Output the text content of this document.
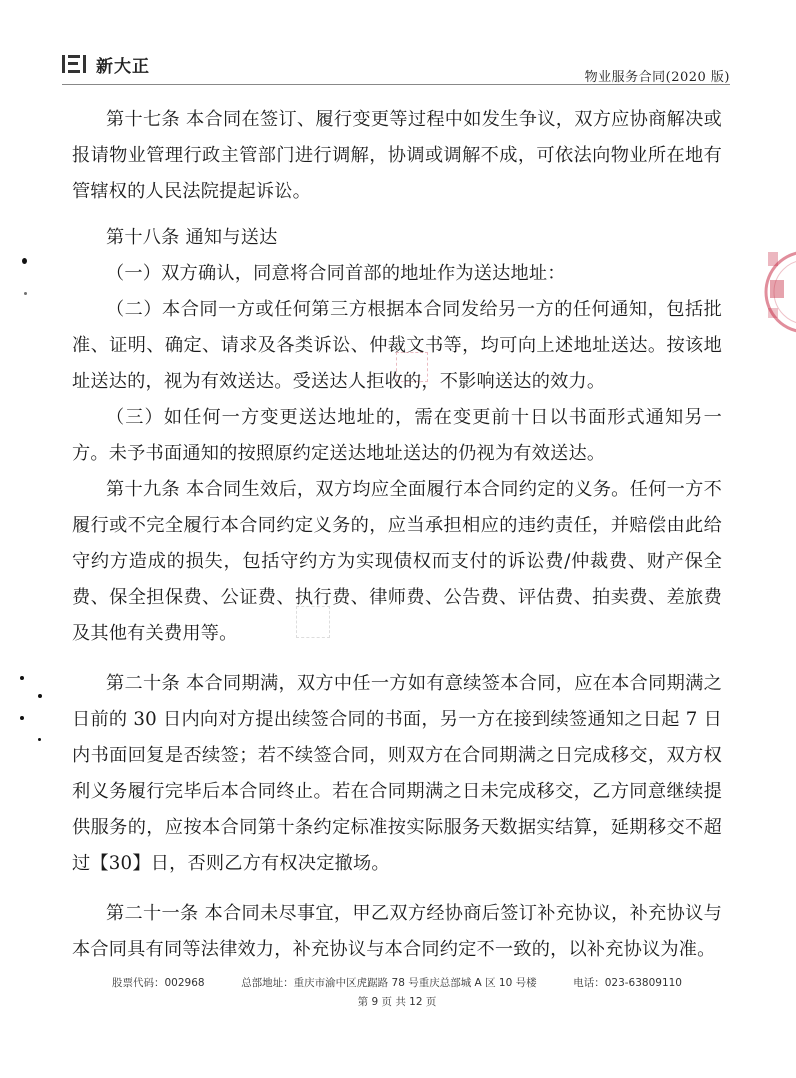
新大正
物业服务合同(2020 版)

第十七条 本合同在签订、履行变更等过程中如发生争议，双方应协商解决或报请物业管理行政主管部门进行调解，协调或调解不成，可依法向物业所在地有管辖权的人民法院提起诉讼。

第十八条 通知与送达

（一）双方确认，同意将合同首部的地址作为送达地址：

（二）本合同一方或任何第三方根据本合同发给另一方的任何通知，包括批准、证明、确定、请求及各类诉讼、仲裁文书等，均可向上述地址送达。按该地址送达的，视为有效送达。受送达人拒收的，不影响送达的效力。

（三）如任何一方变更送达地址的，需在变更前十日以书面形式通知另一方。未予书面通知的按照原约定送达地址送达的仍视为有效送达。

第十九条 本合同生效后，双方均应全面履行本合同约定的义务。任何一方不履行或不完全履行本合同约定义务的，应当承担相应的违约责任，并赔偿由此给守约方造成的损失，包括守约方为实现债权而支付的诉讼费/仲裁费、财产保全费、保全担保费、公证费、执行费、律师费、公告费、评估费、拍卖费、差旅费及其他有关费用等。

第二十条 本合同期满，双方中任一方如有意续签本合同，应在本合同期满之日前的 30 日内向对方提出续签合同的书面，另一方在接到续签通知之日起 7 日内书面回复是否续签；若不续签合同，则双方在合同期满之日完成移交，双方权利义务履行完毕后本合同终止。若在合同期满之日未完成移交，乙方同意继续提供服务的，应按本合同第十条约定标准按实际服务天数据实结算，延期移交不超过【30】日，否则乙方有权决定撤场。

第二十一条 本合同未尽事宜，甲乙双方经协商后签订补充协议，补充协议与本合同具有同等法律效力，补充协议与本合同约定不一致的，以补充协议为准。

股票代码：002968	总部地址：重庆市渝中区虎踞路 78 号重庆总部城 A 区 10 号楼	电话：023-63809110
第 9 页 共 12 页
